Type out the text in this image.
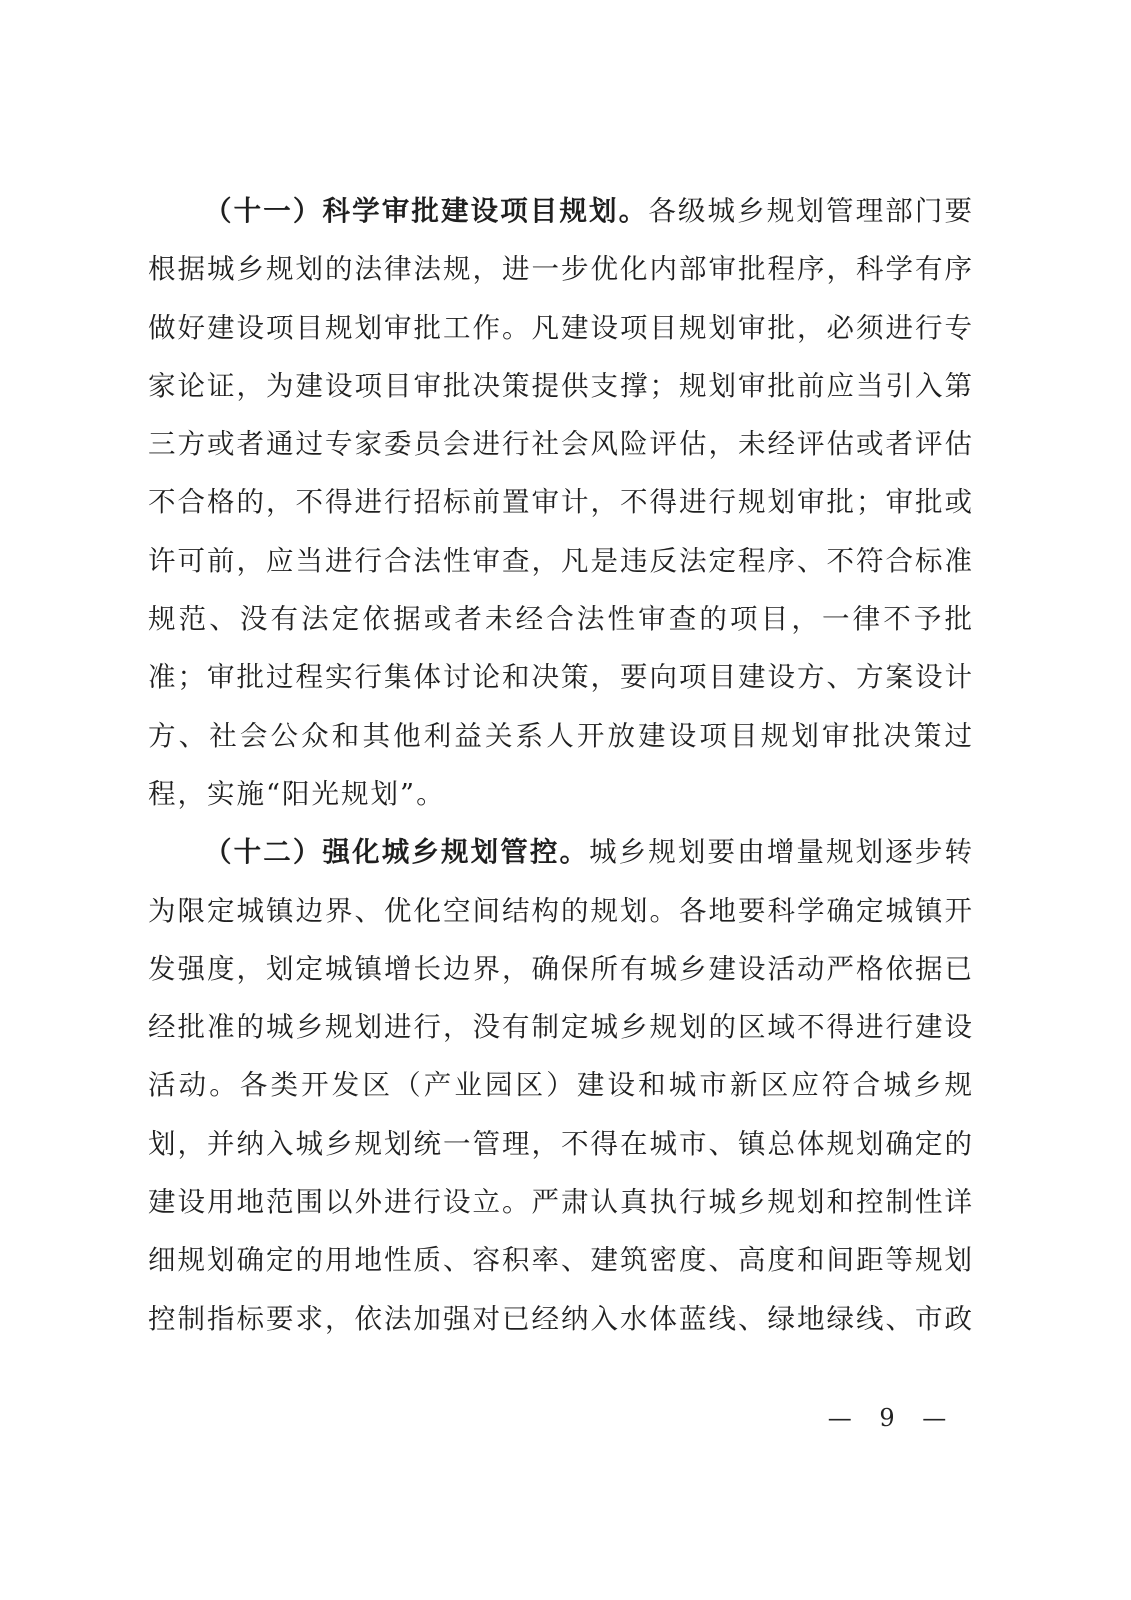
（十一）科学审批建设项目规划。各级城乡规划管理部门要
根据城乡规划的法律法规，进一步优化内部审批程序，科学有序
做好建设项目规划审批工作。凡建设项目规划审批，必须进行专
家论证，为建设项目审批决策提供支撑；规划审批前应当引入第
三方或者通过专家委员会进行社会风险评估，未经评估或者评估
不合格的，不得进行招标前置审计，不得进行规划审批；审批或
许可前，应当进行合法性审查，凡是违反法定程序、不符合标准
规范、没有法定依据或者未经合法性审查的项目，一律不予批
准；审批过程实行集体讨论和决策，要向项目建设方、方案设计
方、社会公众和其他利益关系人开放建设项目规划审批决策过
程，实施“阳光规划”。
（十二）强化城乡规划管控。城乡规划要由增量规划逐步转
为限定城镇边界、优化空间结构的规划。各地要科学确定城镇开
发强度，划定城镇增长边界，确保所有城乡建设活动严格依据已
经批准的城乡规划进行，没有制定城乡规划的区域不得进行建设
活动。各类开发区（产业园区）建设和城市新区应符合城乡规
划，并纳入城乡规划统一管理，不得在城市、镇总体规划确定的
建设用地范围以外进行设立。严肃认真执行城乡规划和控制性详
细规划确定的用地性质、容积率、建筑密度、高度和间距等规划
控制指标要求，依法加强对已经纳入水体蓝线、绿地绿线、市政
— 9 —
